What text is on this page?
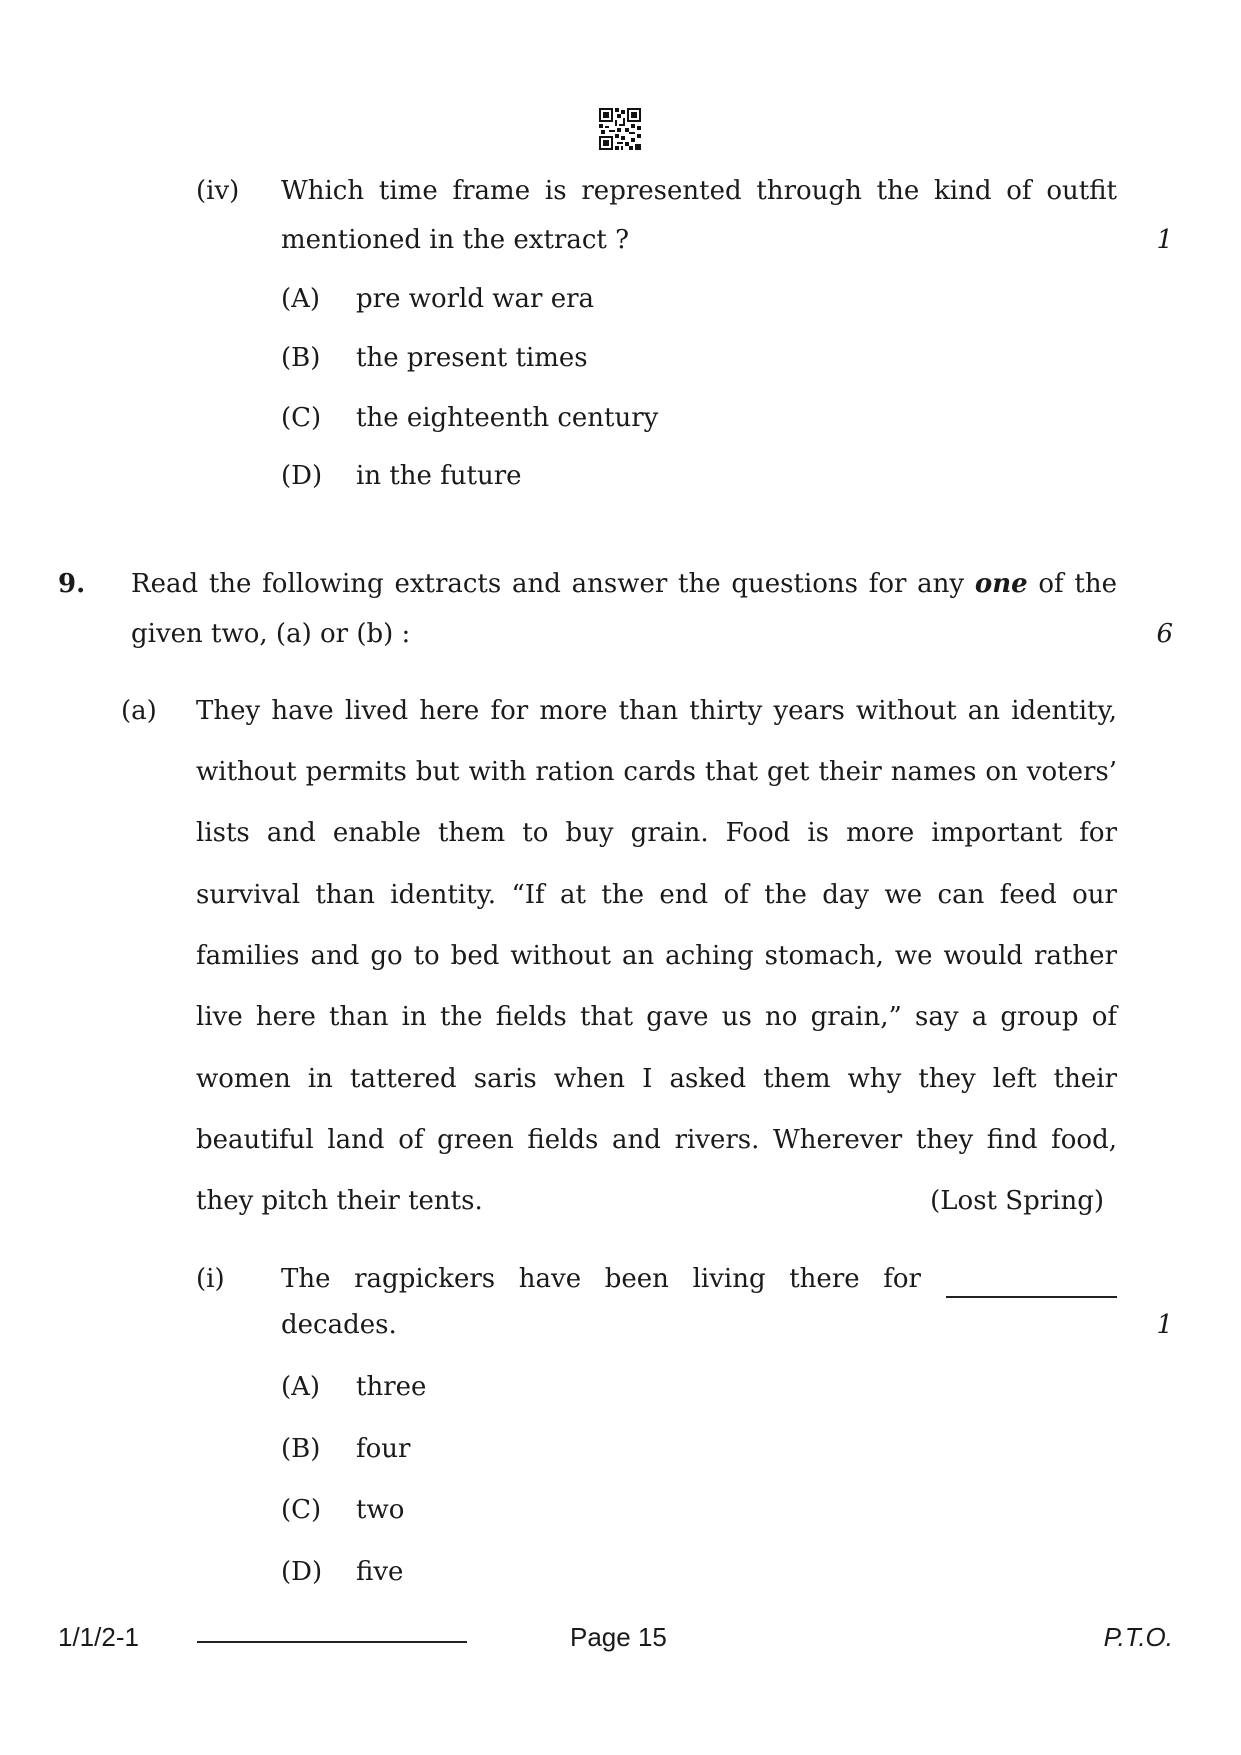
(iv) Which time frame is represented through the kind of outfit
mentioned in the extract ?	1
(A) pre world war era
(B) the present times
(C) the eighteenth century
(D) in the future
9. Read the following extracts and answer the questions for any one of the
given two, (a) or (b) :	6
(a) They have lived here for more than thirty years without an identity,
without permits but with ration cards that get their names on voters’
lists and enable them to buy grain. Food is more important for
survival than identity. “If at the end of the day we can feed our
families and go to bed without an aching stomach, we would rather
live here than in the fields that gave us no grain,” say a group of
women in tattered saris when I asked them why they left their
beautiful land of green fields and rivers. Wherever they find food,
they pitch their tents.	(Lost Spring)
(i) The ragpickers have been living there for
decades.	1
(A) three
(B) four
(C) two
(D) five
1/1/2-1	Page 15	P.T.O.
